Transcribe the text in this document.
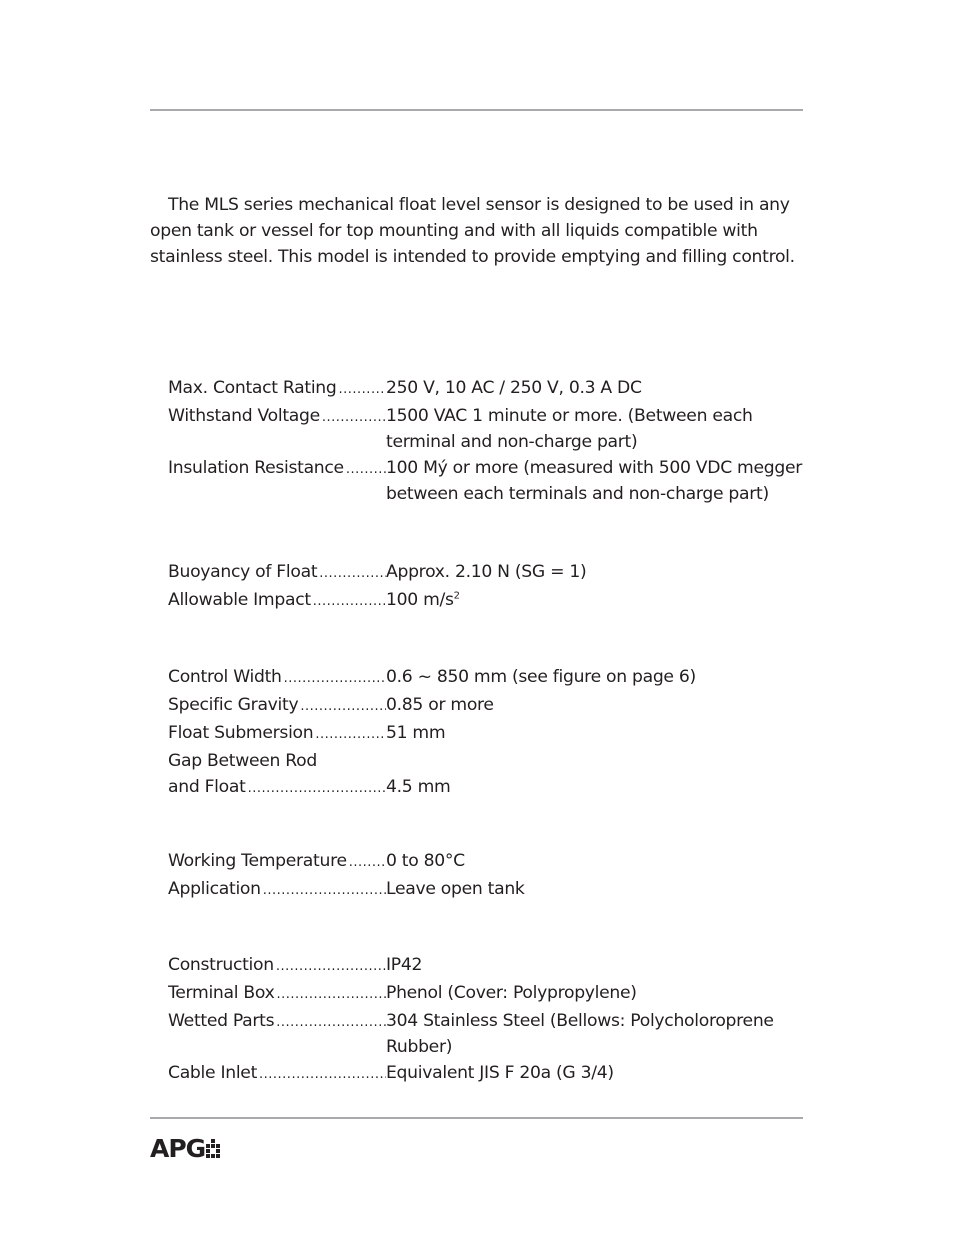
The MLS series mechanical float level sensor is designed to be used in any open tank or vessel for top mounting and with all liquids compatible with stainless steel. This model is intended to provide emptying and filling control.

Max. Contact Rating .....	250 V, 10 AC / 250 V, 0.3 A DC
Withstand Voltage .....	1500 VAC 1 minute or more. (Between each terminal and non-charge part)
Insulation Resistance ..... 100 Mý or more (measured with 500 VDC megger between each terminals and non-charge part)
Buoyancy of Float .....	Approx. 2.10 N (SG = 1)
Allowable Impact .....	100 $m/s^2$
Control Width .....	0.6 ~ 850 mm (see figure on page 6)
Specific Gravity .....	0.85 or more
Float Submersion .....	51 mm
Gap Between Rod
and Float .....	4.5 mm
Working Temperature ..... 0 to 80°C
Application .....	Leave open tank
Construction .....	IP42
Terminal Box .....	Phenol (Cover: Polypropylene)
Wetted Parts .....	304 Stainless Steel (Bellows: Polycholoroprene Rubber)
Cable Inlet .....	Equivalent JIS F 20a (G 3/4)
APG
